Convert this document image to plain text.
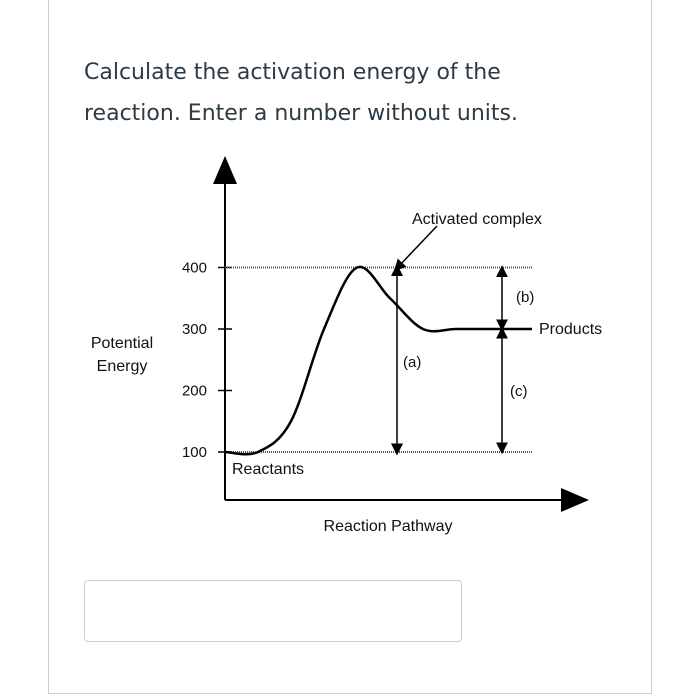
Calculate the activation energy of the reaction. Enter a number without units.

100
200
300
400
Potential
Energy
Reaction Pathway
Activated complex
Reactants
Products
(a)
(b)
(c)
